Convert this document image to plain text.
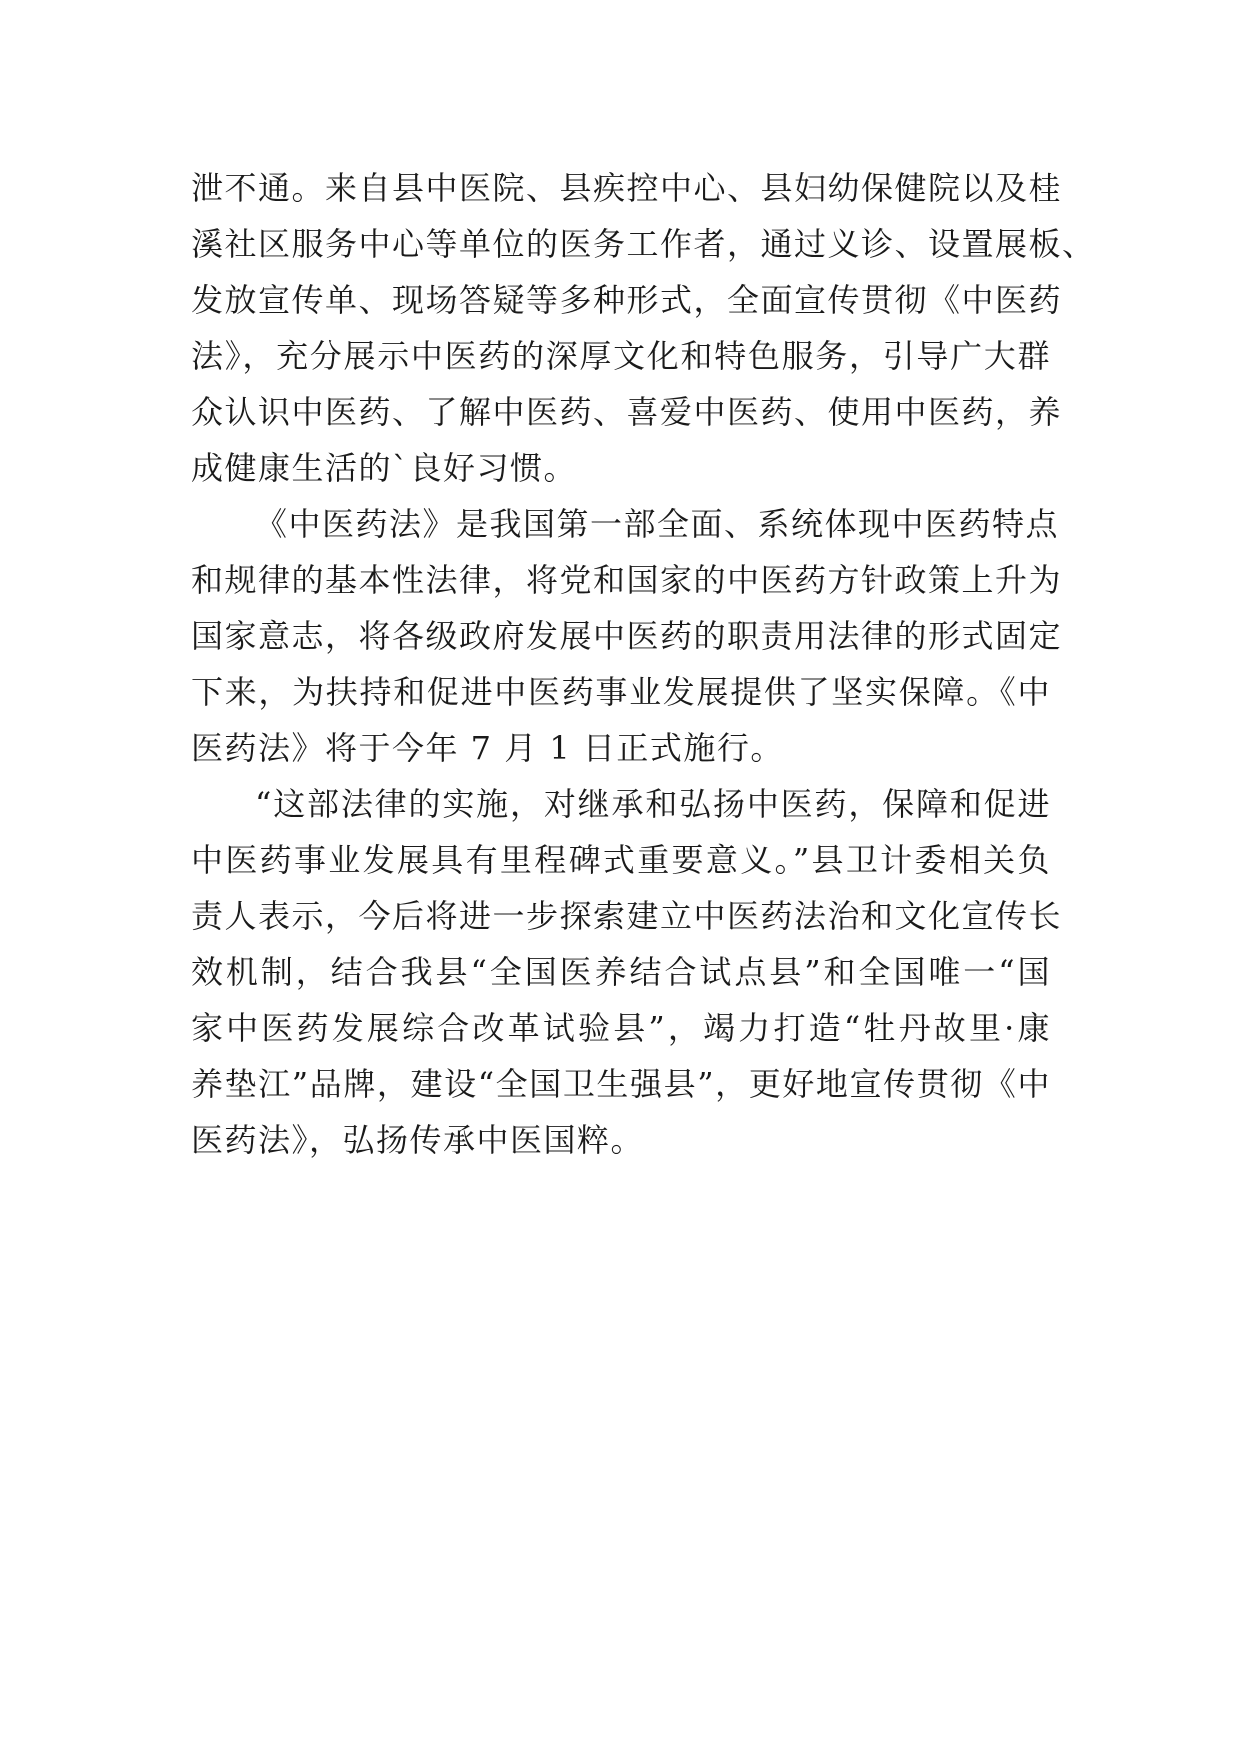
泄不通。来自县中医院、县疾控中心、县妇幼保健院以及桂
溪社区服务中心等单位的医务工作者，通过义诊、设置展板、
发放宣传单、现场答疑等多种形式，全面宣传贯彻《中医药
法》，充分展示中医药的深厚文化和特色服务，引导广大群
众认识中医药、了解中医药、喜爱中医药、使用中医药，养
成健康生活的`良好习惯。
《中医药法》是我国第一部全面、系统体现中医药特点
和规律的基本性法律，将党和国家的中医药方针政策上升为
国家意志，将各级政府发展中医药的职责用法律的形式固定
下来，为扶持和促进中医药事业发展提供了坚实保障。《中
医药法》将于今年 7 月 1 日正式施行。
“这部法律的实施，对继承和弘扬中医药，保障和促进
中医药事业发展具有里程碑式重要意义。”县卫计委相关负
责人表示，今后将进一步探索建立中医药法治和文化宣传长
效机制，结合我县“全国医养结合试点县”和全国唯一“国
家中医药发展综合改革试验县”，竭力打造“牡丹故里·康
养垫江”品牌，建设“全国卫生强县”，更好地宣传贯彻《中
医药法》，弘扬传承中医国粹。
